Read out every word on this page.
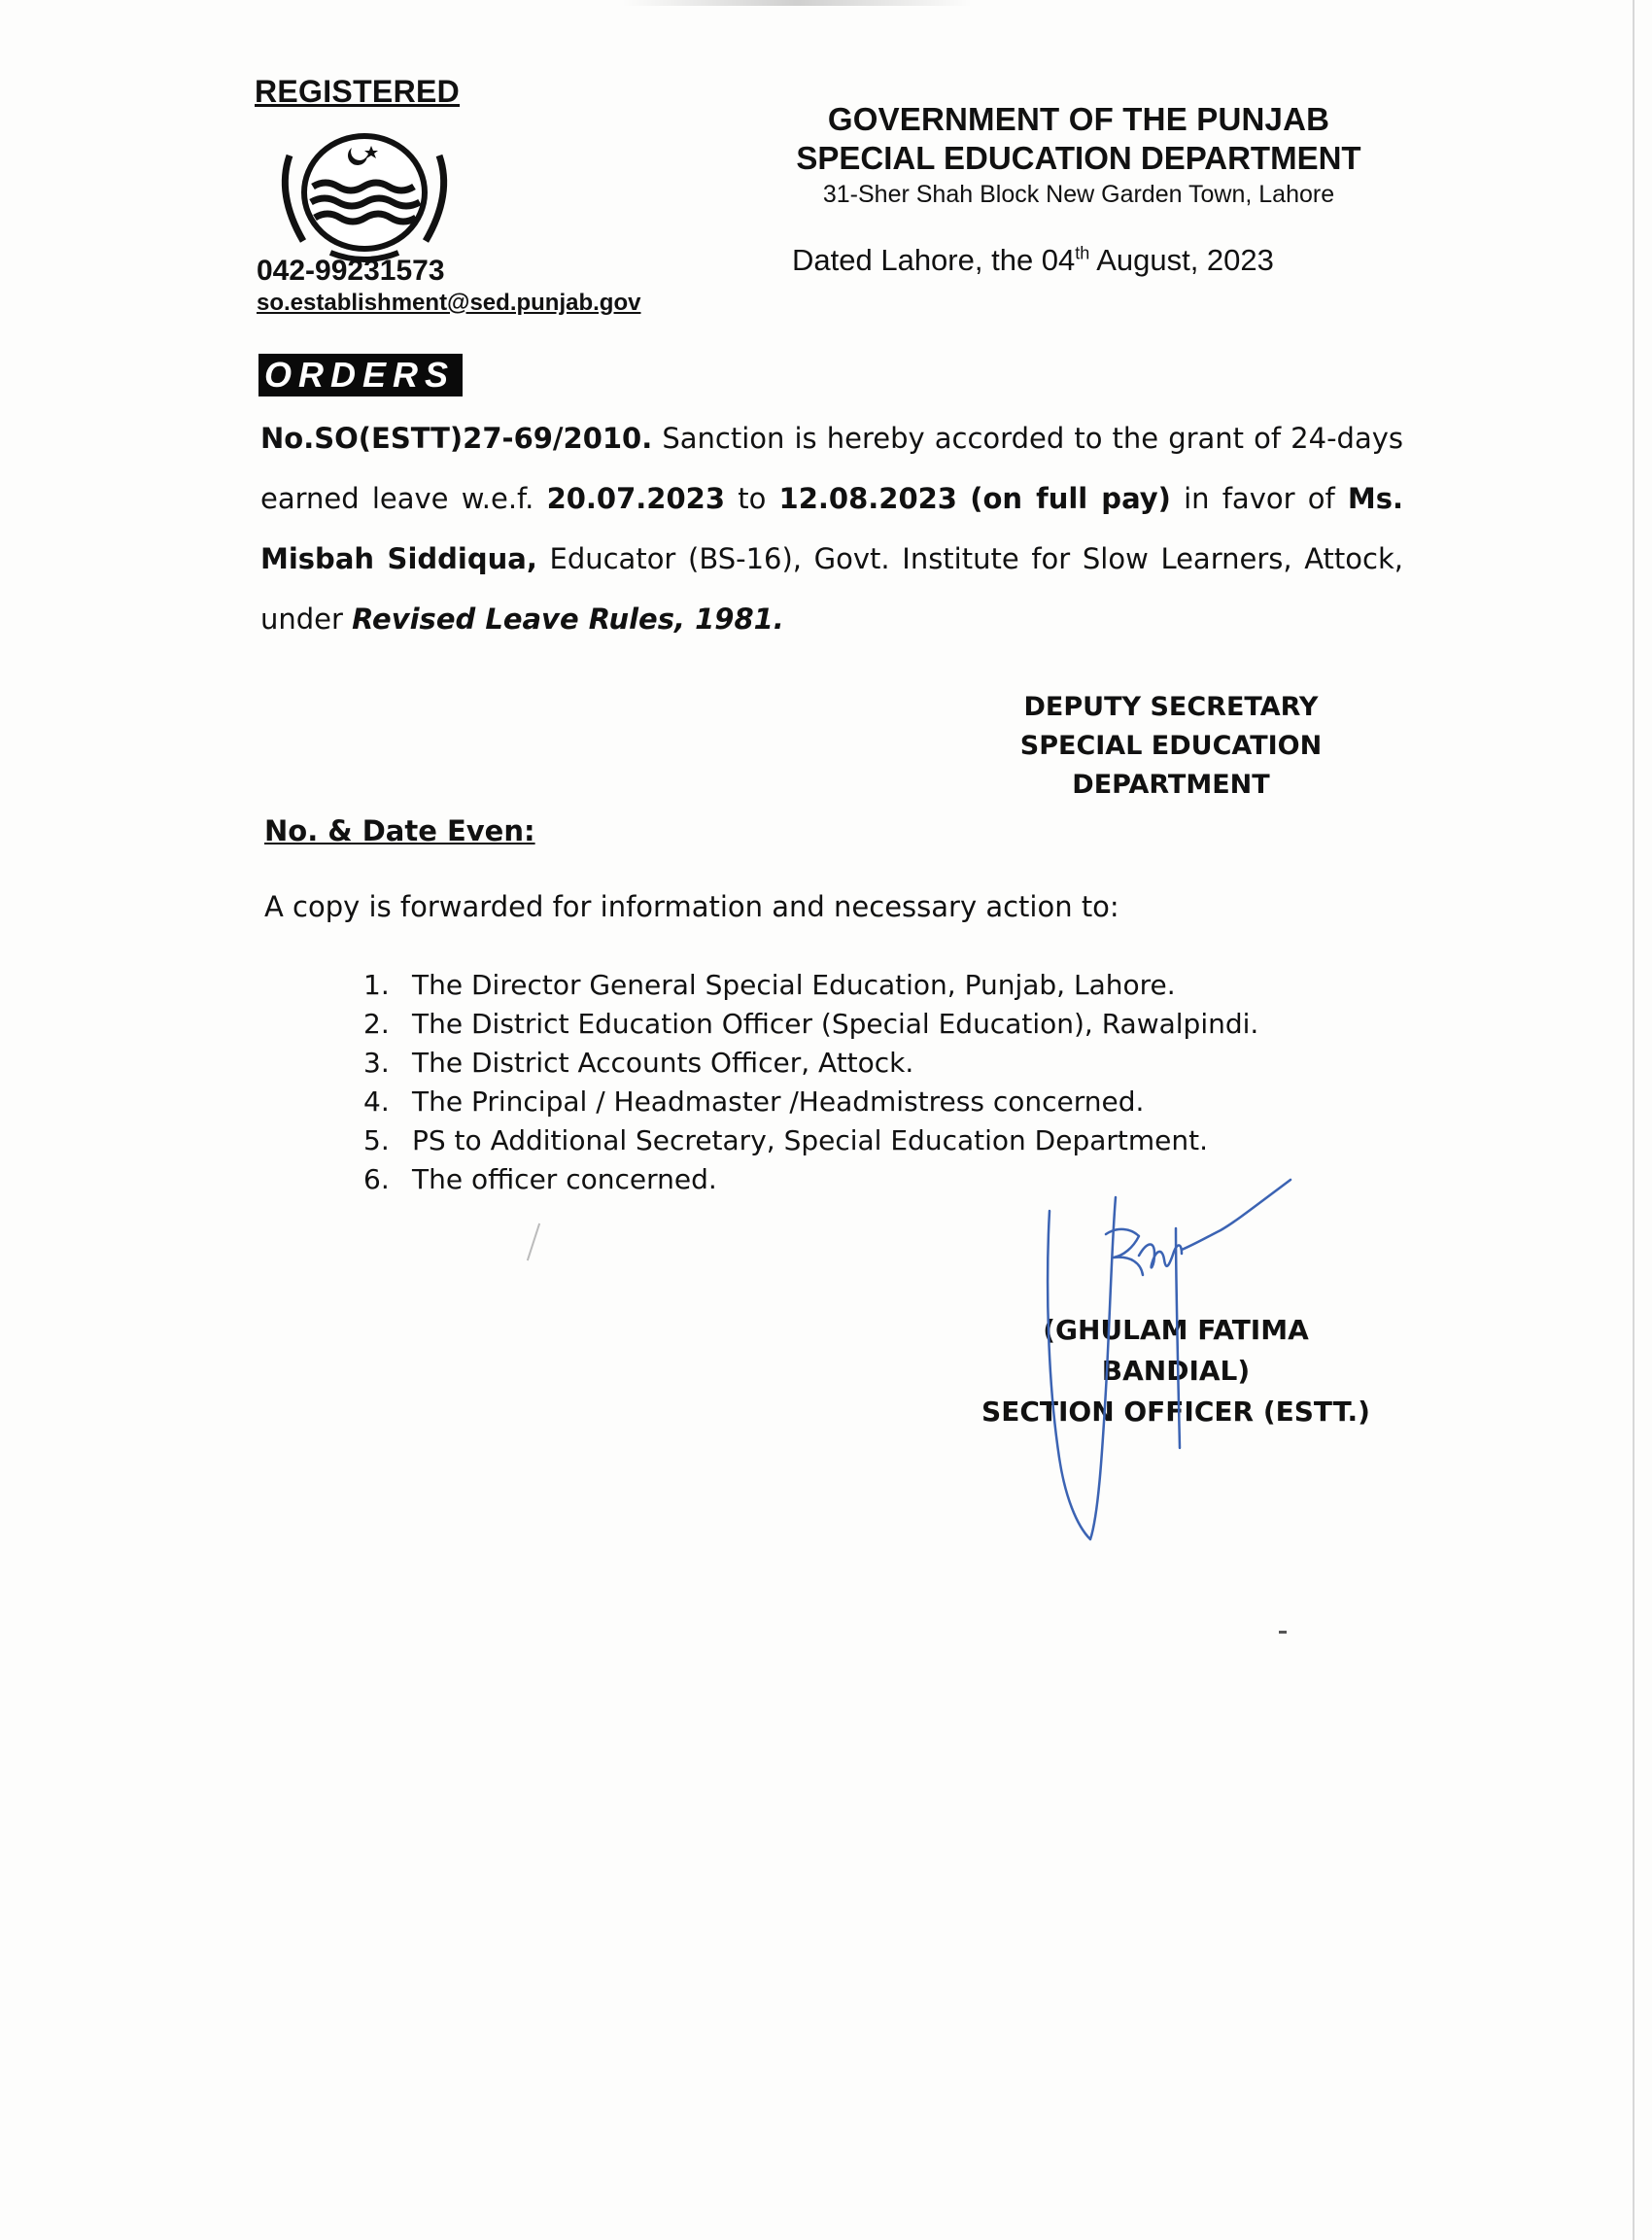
REGISTERED
042-99231573
so.establishment@sed.punjab.gov
GOVERNMENT OF THE PUNJAB
SPECIAL EDUCATION DEPARTMENT
31-Sher Shah Block New Garden Town, Lahore
Dated Lahore, the 04th August, 2023
ORDERS
No.SO(ESTT)27-69/2010. Sanction is hereby accorded to the grant of 24-days earned leave w.e.f. 20.07.2023 to 12.08.2023 (on full pay) in favor of Ms. Misbah Siddiqua, Educator (BS-16), Govt. Institute for Slow Learners, Attock, under Revised Leave Rules, 1981.
DEPUTY SECRETARY
SPECIAL EDUCATION
DEPARTMENT
No. & Date Even:
A copy is forwarded for information and necessary action to:
1. The Director General Special Education, Punjab, Lahore.
2. The District Education Officer (Special Education), Rawalpindi.
3. The District Accounts Officer, Attock.
4. The Principal / Headmaster /Headmistress concerned.
5. PS to Additional Secretary, Special Education Department.
6. The officer concerned.
(GHULAM FATIMA BANDIAL)
SECTION OFFICER (ESTT.)
